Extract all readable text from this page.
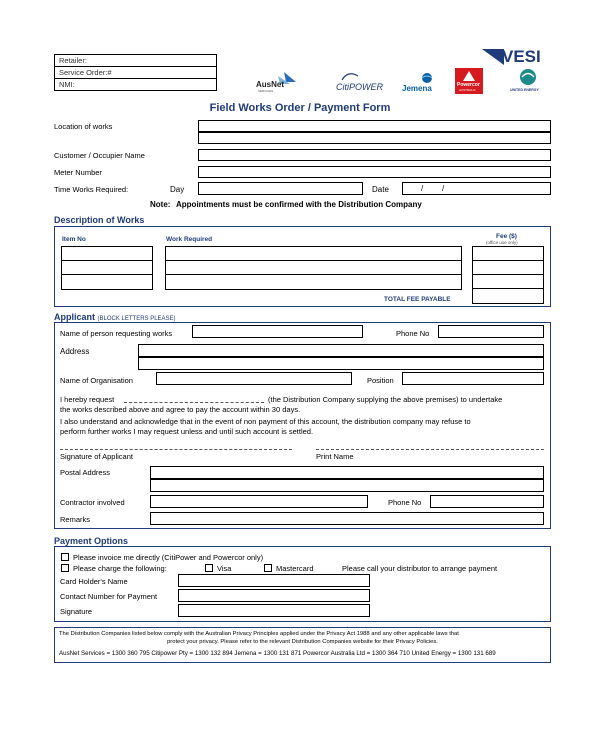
Retailer:
Service Order:#
NMI:	AusNet
SERVICES	CitiPOWER Jemena	Powercor
AUSTRALIA
VESI
UNITED ENERGY
Field Works Order / Payment Form
Location of works
Customer / Occupier Name
Meter Number
Time Works Required:	Day	Date	/ /
Note: Appointments must be confirmed with the Distribution Company
Description of Works
Item No	Work Required	Fee ($)
(office use only)
TOTAL FEE PAYABLE
Applicant (BLOCK LETTERS PLEASE)
Name of person requesting works	Phone No
Address
Name of Organisation	Position
I hereby request	(the Distribution Company supplying the above premises) to undertake
the works described above and agree to pay the account within 30 days.
I also understand and acknowledge that in the event of non payment of this account, the distribution company may refuse to
perform further works I may request unless and until such account is settled.
Signature of Applicant	Print Name
Postal Address
Contractor involved	Phone No
Remarks
Payment Options
Please invoice me directly (CitiPower and Powercor only)
Please charge the following:	Visa	Mastercard	Please call your distributor to arrange payment
Card Holder's Name
Contact Number for Payment
Signature
The Distribution Companies listed below comply with the Australian Privacy Principles applied under the Privacy Act 1988 and any other applicable laws that
protect your privacy. Please refer to the relevant Distribution Companies website for their Privacy Policies.
AusNet Services = 1300 360 795 Citipower Pty = 1300 132 894 Jemena = 1300 131 871 Powercor Australia Ltd = 1300 364 710 United Energy = 1300 131 689
